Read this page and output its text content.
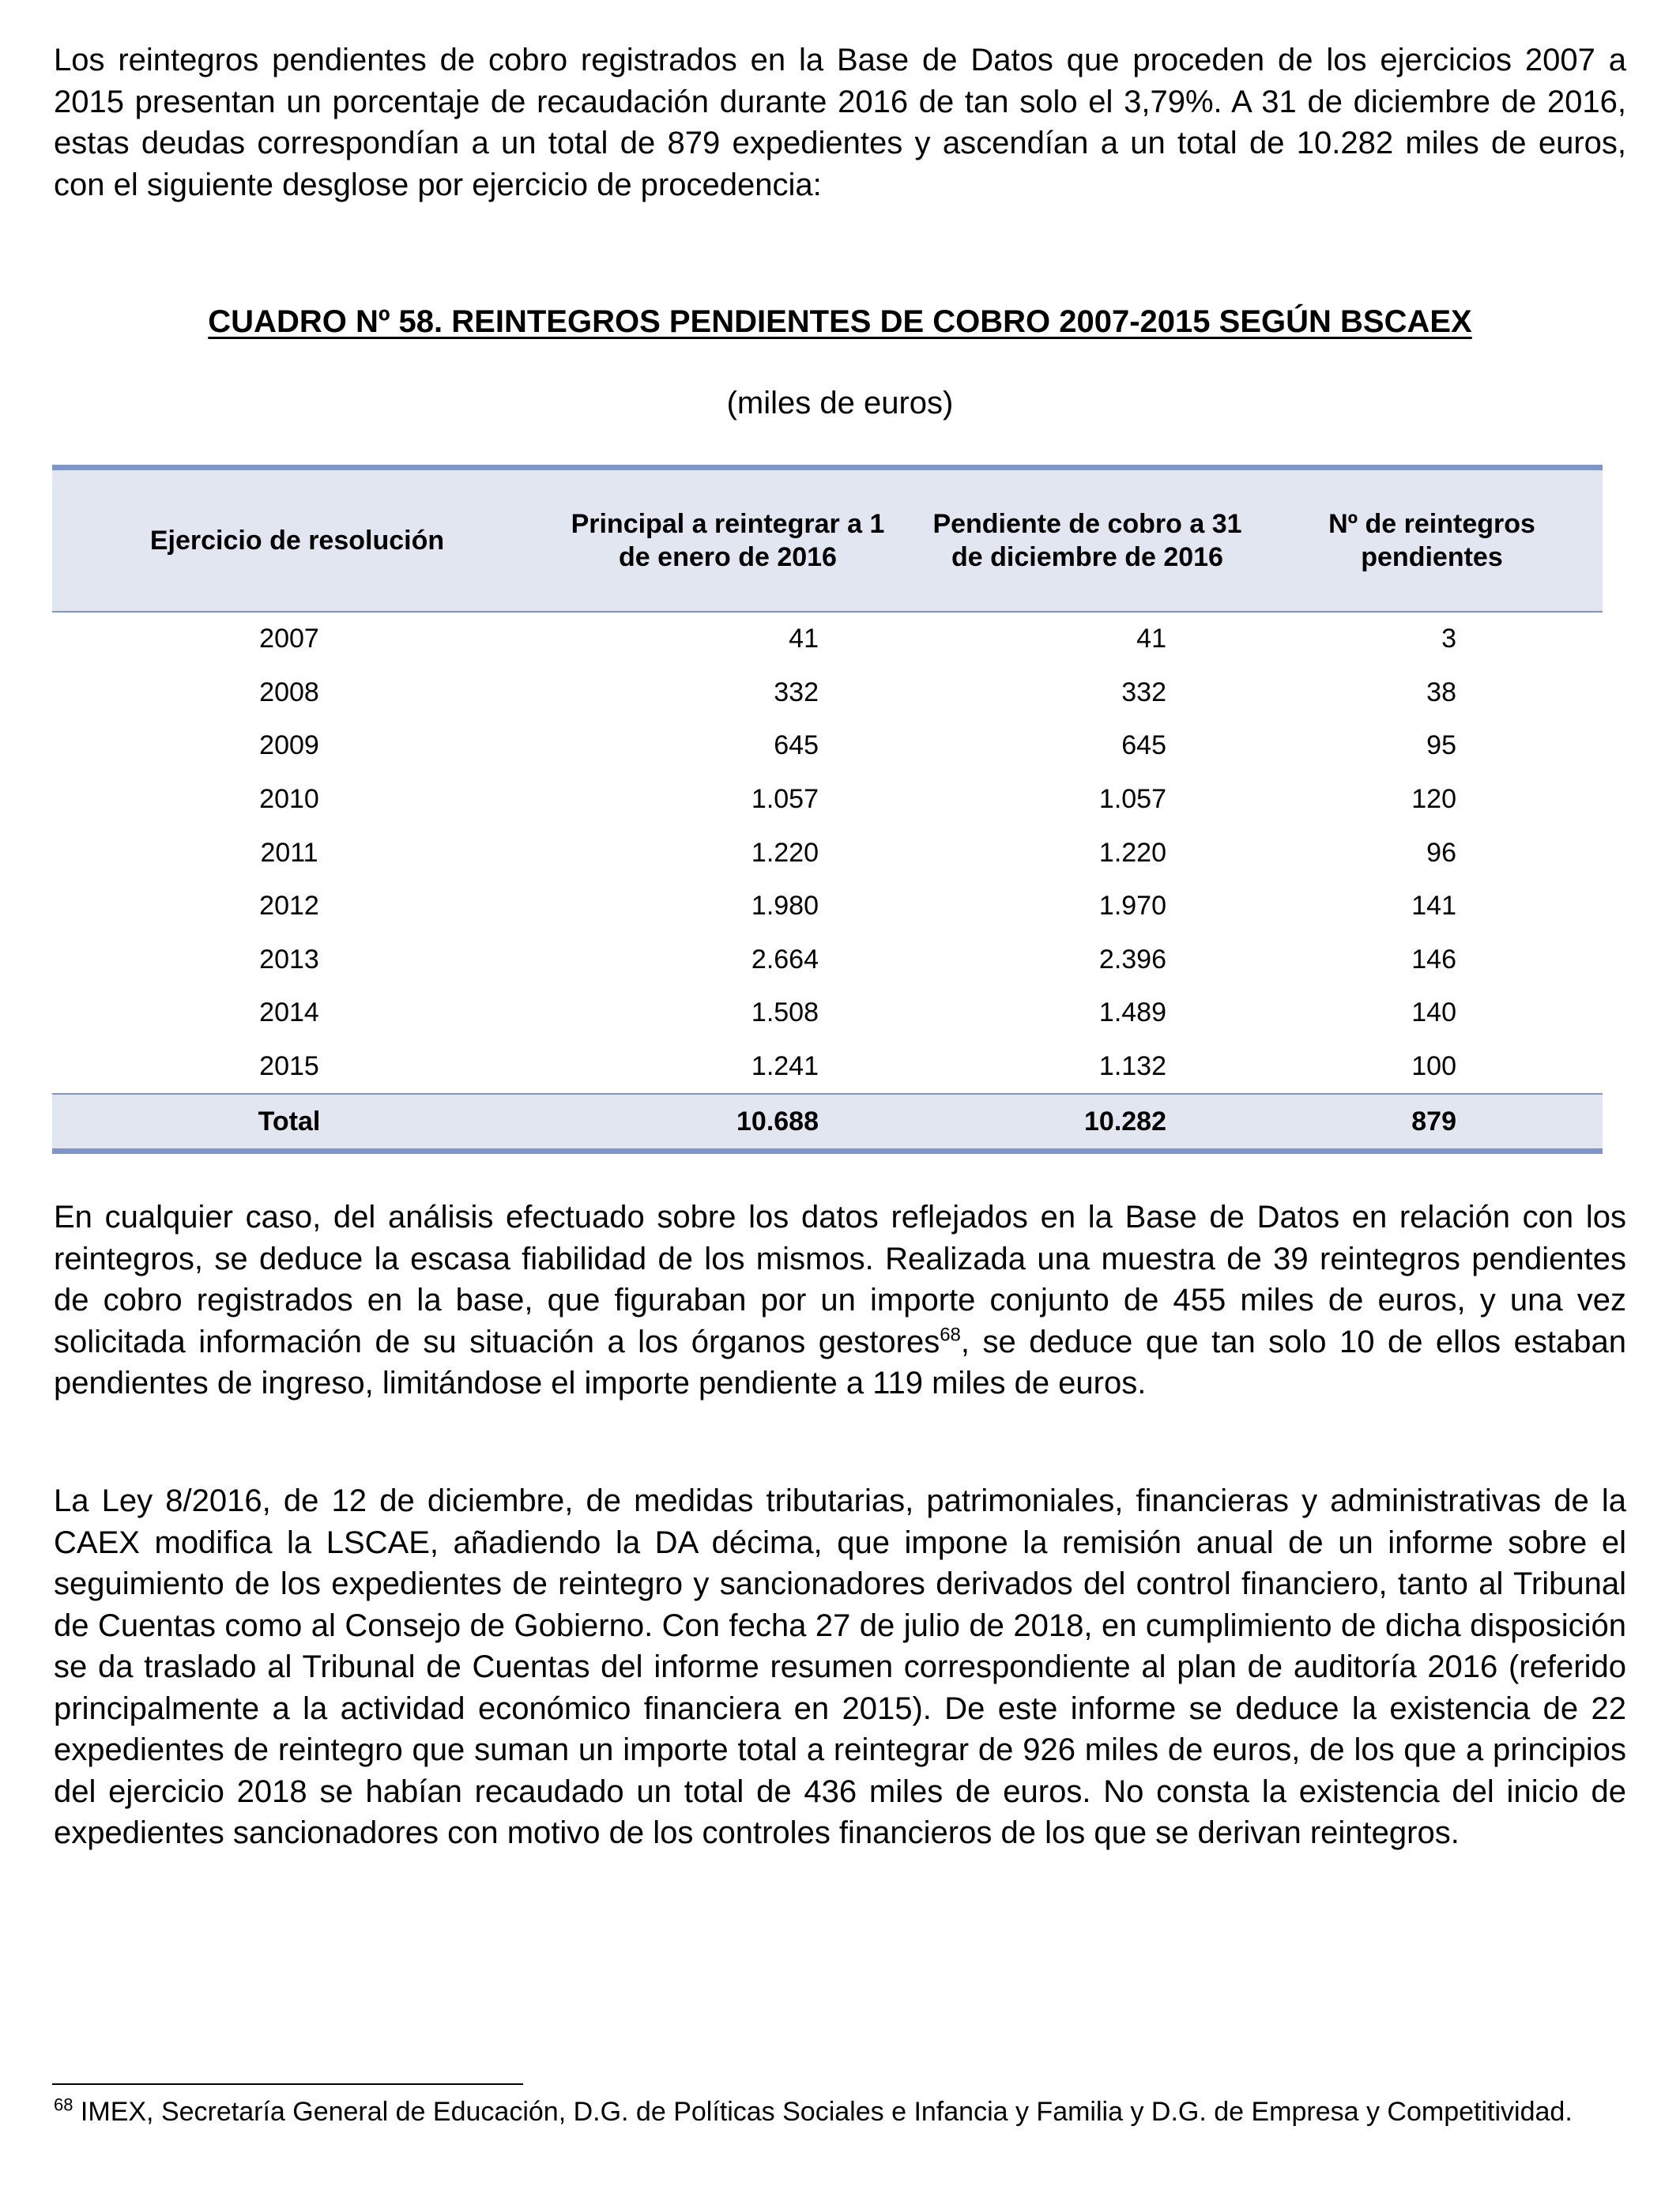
Los reintegros pendientes de cobro registrados en la Base de Datos que proceden de los ejercicios 2007 a 2015 presentan un porcentaje de recaudación durante 2016 de tan solo el 3,79%. A 31 de diciembre de 2016, estas deudas correspondían a un total de 879 expedientes y ascendían a un total de 10.282 miles de euros, con el siguiente desglose por ejercicio de procedencia:

CUADRO Nº 58. REINTEGROS PENDIENTES DE COBRO 2007-2015 SEGÚN BSCAEX
(miles de euros)
Ejercicio de resolución	Principal a reintegrar a 1 de enero de 2016	Pendiente de cobro a 31 de diciembre de 2016	Nº de reintegros pendientes
2007	41	41	3
2008	332	332	38
2009	645	645	95
2010	1.057	1.057	120
2011	1.220	1.220	96
2012	1.980	1.970	141
2013	2.664	2.396	146
2014	1.508	1.489	140
2015	1.241	1.132	100
Total	10.688	10.282	879

En cualquier caso, del análisis efectuado sobre los datos reflejados en la Base de Datos en relación con los reintegros, se deduce la escasa fiabilidad de los mismos. Realizada una muestra de 39 reintegros pendientes de cobro registrados en la base, que figuraban por un importe conjunto de 455 miles de euros, y una vez solicitada información de su situación a los órganos gestores$^{68}$, se deduce que tan solo 10 de ellos estaban pendientes de ingreso, limitándose el importe pendiente a 119 miles de euros.

La Ley 8/2016, de 12 de diciembre, de medidas tributarias, patrimoniales, financieras y administrativas de la CAEX modifica la LSCAE, añadiendo la DA décima, que impone la remisión anual de un informe sobre el seguimiento de los expedientes de reintegro y sancionadores derivados del control financiero, tanto al Tribunal de Cuentas como al Consejo de Gobierno. Con fecha 27 de julio de 2018, en cumplimiento de dicha disposición se da traslado al Tribunal de Cuentas del informe resumen correspondiente al plan de auditoría 2016 (referido principalmente a la actividad económico financiera en 2015). De este informe se deduce la existencia de 22 expedientes de reintegro que suman un importe total a reintegrar de 926 miles de euros, de los que a principios del ejercicio 2018 se habían recaudado un total de 436 miles de euros. No consta la existencia del inicio de expedientes sancionadores con motivo de los controles financieros de los que se derivan reintegros.

$^{68}$ IMEX, Secretaría General de Educación, D.G. de Políticas Sociales e Infancia y Familia y D.G. de Empresa y Competitividad.
